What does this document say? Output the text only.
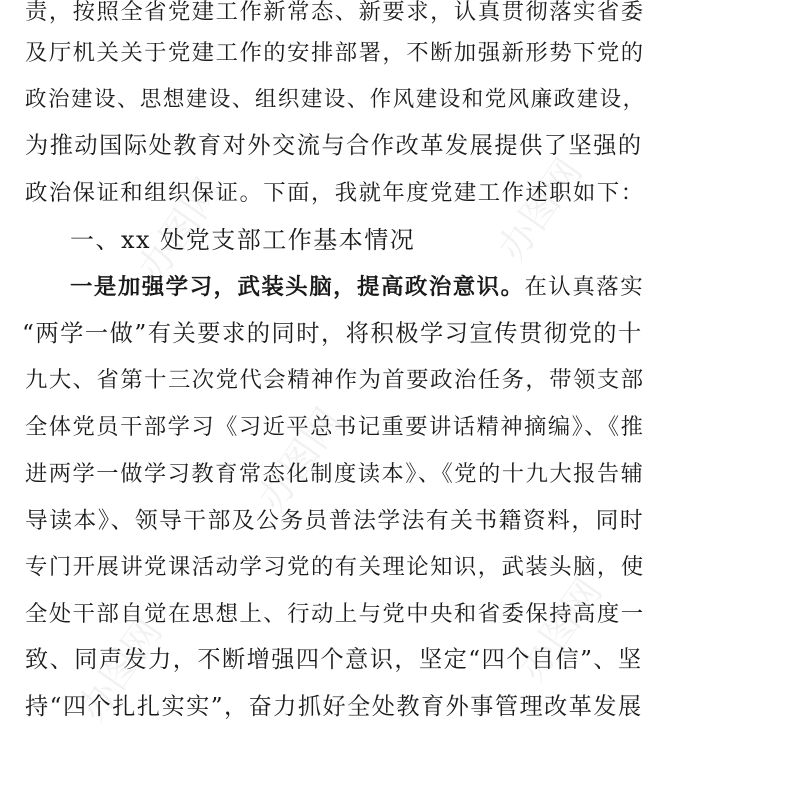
办图网	办图网
办图网
办图网
办图网
责，按照全省党建工作新常态、新要求，认真贯彻落实省委
及厅机关关于党建工作的安排部署，不断加强新形势下党的
政治建设、思想建设、组织建设、作风建设和党风廉政建设，
为推动国际处教育对外交流与合作改革发展提供了坚强的
政治保证和组织保证。下面，我就年度党建工作述职如下：
一、xx 处党支部工作基本情况
一是加强学习，武装头脑，提高政治意识。在认真落实
“两学一做”有关要求的同时，将积极学习宣传贯彻党的十
九大、省第十三次党代会精神作为首要政治任务，带领支部
全体党员干部学习《习近平总书记重要讲话精神摘编》、《推
进两学一做学习教育常态化制度读本》、《党的十九大报告辅
导读本》、领导干部及公务员普法学法有关书籍资料，同时
专门开展讲党课活动学习党的有关理论知识，武装头脑，使
全处干部自觉在思想上、行动上与党中央和省委保持高度一
致、同声发力，不断增强四个意识，坚定“四个自信”、坚
持“四个扎扎实实”，奋力抓好全处教育外事管理改革发展
